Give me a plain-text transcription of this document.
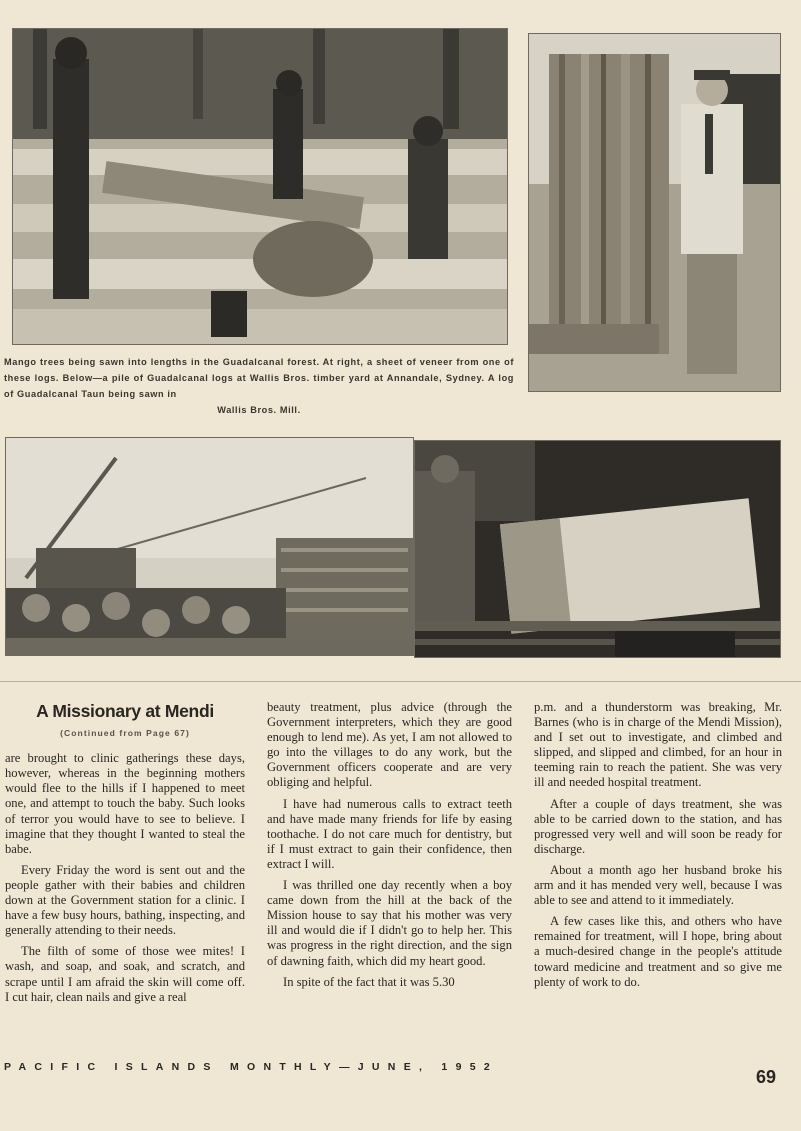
Mango trees being sawn into lengths in the Guadalcanal forest. At right, a sheet of veneer from one of these logs. Below—a pile of Guadalcanal logs at Wallis Bros. timber yard at Annandale, Sydney. A log of Guadalcanal Taun being sawn in
Wallis Bros. Mill.
A Missionary at Mendi
(Continued from Page 67)

are brought to clinic gatherings these days, however, whereas in the beginning mothers would flee to the hills if I happened to meet one, and attempt to touch the baby. Such looks of terror you would have to see to believe. I imagine that they thought I wanted to steal the babe.

Every Friday the word is sent out and the people gather with their babies and children down at the Government station for a clinic. I have a few busy hours, bathing, inspecting, and generally attending to their needs.

The filth of some of those wee mites! I wash, and soap, and soak, and scratch, and scrape until I am afraid the skin will come off. I cut hair, clean nails and give a real

beauty treatment, plus advice (through the Government interpreters, which they are good enough to lend me). As yet, I am not allowed to go into the villages to do any work, but the Government officers cooperate and are very obliging and helpful.

I have had numerous calls to extract teeth and have made many friends for life by easing toothache. I do not care much for dentistry, but if I must extract to gain their confidence, then extract I will.

I was thrilled one day recently when a boy came down from the hill at the back of the Mission house to say that his mother was very ill and would die if I didn't go to help her. This was progress in the right direction, and the sign of dawning faith, which did my heart good.

In spite of the fact that it was 5.30

p.m. and a thunderstorm was breaking, Mr. Barnes (who is in charge of the Mendi Mission), and I set out to investigate, and climbed and slipped, and slipped and climbed, for an hour in teeming rain to reach the patient. She was very ill and needed hospital treatment.

After a couple of days treatment, she was able to be carried down to the station, and has progressed very well and will soon be ready for discharge.

About a month ago her husband broke his arm and it has mended very well, because I was able to see and attend to it immediately.

A few cases like this, and others who have remained for treatment, will I hope, bring about a much-desired change in the people's attitude toward medicine and treatment and so give me plenty of work to do.

PACIFIC ISLANDS MONTHLY—JUNE, 1952	69
